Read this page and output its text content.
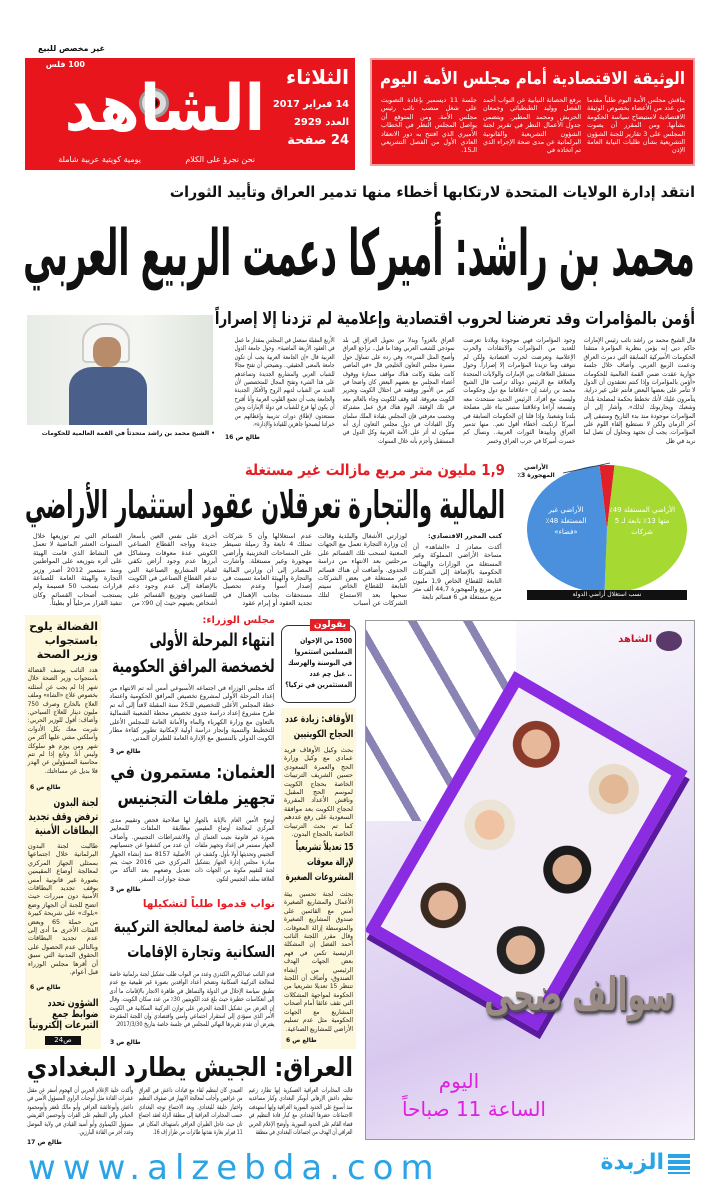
غير مخصص للبيع
100 فلس
الشاهد	الثلاثاء
14 فبراير 2017
العدد 2929
24 صفحة
يومية كويتية عربية شاملة	نحن نجرؤ على الكلام
الوثيقة الاقتصادية أمام مجلس الأمة اليوم
يناقش مجلس الأمة اليوم طلباً مقدما من عدد من الأعضاء بخصوص الوثيقة الاقتصادية لاستيضاح سياسة الحكومة بشأنها. ومن المقرر أن يصوت المجلس على 3 تقارير للجنة الشؤون التشريعية بشأن طلبات النيابة العامة الإذن
برفع الحصانة النيابية عن النواب أحمد الفضل ووليد الطبطبائي وجمعان الحربش ومحمد المطير. ويتضمن جدول الأعمال النظر في تقرير لجنة الشؤون التشريعية والقانونية البرلمانية عن مدى صحة الإجراء الذي تم اتخاذه في
جلسة 11 ديسمبر بإعادة التصويت على شغل منصب نائب رئيس مجلس الأمة. ومن المتوقع أن يواصل المجلس النظر في الخطاب الأميري الذي افتتح به دور الانعقاد العادي الأول من الفصل التشريعي الـ15.
انتقد إدارة الولايات المتحدة لارتكابها أخطاء منها تدمير العراق وتأييد الثورات
محمد بن راشد: أميركا دعمت الربيع العربي
أؤمن بالمؤامرات وقد تعرضنا لحروب اقتصادية وإعلامية لم تزدنا إلا إصراراً
• الشيخ محمد بن راشد متحدثاً في القمة العالمية للحكومات
قال الشيخ محمد بن راشد نائب رئيس الإمارات حاكم دبي إنه يؤمن بنظرية المؤامرة منتقدا الحكومات الأميركية السابقة التي دمرت العراق ودعمت الربيع العربي. وأضاف خلال جلسة حوارية عقدت ضمن القمة العالمية للحكومات «أؤمن بالمؤامرات وإذا كنتم تعتقدون أن الدول لا تتآمر على بعضها البعض فأنتم على غير دراية. يتآمرون عليك لأنك تخطط بحكمة لمصلحة بلدك وشعبك ويحاربونك لذلك». وأشار إلى أن المؤامرات موجودة منذ بدء التاريخ وستبقى إلى آخر الزمان ولكن لا نستطيع إلقاء اللوم على المؤامرات. يجب أن نجتهد ونحاول أن نصل لما نريد في ظل
وجود المؤامرات فهي موجودة وبلادنا تعرضت للعديد من المؤامرات والانتقادات والحرب الإعلامية وتعرضت لحرب اقتصادية ولكن لم نتوقف وما تزيدنا المؤامرات إلا إصراراً. وحول مستقبل العلاقات بين الإمارات والولايات المتحدة والعلاقة مع الرئيس دونالد ترامب قال الشيخ محمد بن راشد إن «علاقاتنا مع دول وحكومات وليست مع أفراد. الرئيس الجديد سنتحدث معه ونسمعه آراءنا وعلاقتنا ستبنى بناء على مصلحة بلدنا وشعبنا. وإذا قلنا إن الحكومات السابقة في أميركا ارتكبت أخطاء أقول نعم.. منها تدمير العراق وتأييدها الثورات العربية.. ونسأل كم خسرت أميركا في حرب العراق وخسر
العراق بالغزو؟ وبدلا من تحويل العراق إلى بلد نموذجي للشعب العربي وهذا ما قيل.. تراجع العراق وأصبح المثل السيء». وفي رده على تساؤل حول مسيرة مجلس التعاون الخليجي قال «في الماضي كانت بطيئة وكانت هناك مواقف ممتازة ووقوف أعضاء المجلس مع بعضهم البعض كان واضحا في كثير من الأمور ووقفته في احتلال الكويت وتحرير الكويت معروفة. لقد وقف للكويت وجاء بالعالم معه في تلك الوقفة. اليوم هناك فرق عمل مشتركة وبحسب معرفتي فإن المجلس بقيادة الملك سلمان وكل القيادات في دول مجلس التعاون أرى أنه سيكون له أثر على الأمة العربية وكل الدول في المستقبل وأجزم بأنه خلال السنوات
الأربع المقبلة سنعمل في المجلس بمقدار ما عمل في العقود الأربعة الماضية». وحول جامعة الدول العربية قال «إن الجامعة العربية يجب أن تكون جامعة بالمعنى الحقيقي.. ونصيحتي أن تفتح مجالا للشباب العربي والمشاريع الجديدة وتساعدهم على هذا الشيء وتفتح المجال للمتخصصين لأن العديد من الشباب لديهم الروح والأفكار الجديدة والجامعة يجب أن تجمع القلوب العربية وأنا أقترح أن يكون لها فرع للشباب في دولة الإمارات ونحن مستعدون لإطلاق دورات تدريبية وإعطائهم من خبراتنا ليصبحوا جاهزين للقيادة والإدارة».
طالع ص 16
1,9 مليون متر مربع مازالت غير مستغلة
المالية والتجارة تعرقلان عقود استثمار الأراضي
كتب المحرر الاقتصادي:
أكدت مصادر لـ «الشاهد» أن مساحة الأراضي المملوكة وغير المستغلة من الوزارات والهيئات الحكومية بالإضافة إلى الشركات التابعة للقطاع الخاص 1,9 مليون متر مربع والمهجورة 44,7 ألف متر مربع مستغلة في 6 قسائم تابعة
لوزارتي الأشغال والبلدية وقالت إن وزارة التجارة تعمل مع الجهات المعنية لسحب تلك القسائم على مرحلتين بعد الانتهاء من دراسة الجدوى. وأضافت أن هناك قسائم غير مستغلة في بعض الشركات التابعة للقطاع الخاص سيتم سحبها بعد الاستماع لتلك الشركات عن أسباب
عدم استغلالها وأن 5 شركات تمتلك 4 تابعة و3 زميلة تسيطر على المساحات التخزينية وأراضي مهجورة وغير مستغلة. وأشارت المصادر إلى أن وزارتي المالية والتجارة والهيئة العامة تسببت في إصدار أسوأ وعدم تحصيل مستحقات بجانب الإهمال في تجديد العقود أو إبرام عقود
أخرى على نفس العين بأسعار جديدة وواجه القطاع الصناعي الكويتي عدة معوقات ومشاكل أبرزها عدم وجود أراض تكفي لقيام المشاريع الصناعية التي تدعم القطاع الصناعي في الكويت بالإضافة إلى عدم وجود دعم للصناعيين وتوزيع القسائم على أشخاص بعينهم حيث إن 90٪ من
القسائم التي تم توزيعها خلال السنوات العشر الماضية لا تعمل في النشاط الذي قامت الهيئة على أثره بتوزيعه على المواطنين ومنذ سبتمبر 2012 أصدر وزير التجارة والهيئة العامة للصناعة قرارات بسحب 50 قسيمة ولم يستجب أصحاب القسائم وكان تنفيذ القرار مرحلياً أو بطيئاً.
نسب استغلال أراضي الدولة
الأراضي المستغلة 49٪ منها 13٪ تابعة لـ 5 شركات
الأراضي غير المستغلة 48٪ «فضاء»
الأراضي المهجورة 3٪
الفضالة يلوح باستجواب وزير الصحة
هدد النائب يوسف الفضالة باستجواب وزير الصحة خلال شهر إذا لم يجب عن أسئلته بخصوص علاج «الشاء» وملف العلاج بالخارج وصرف 750 مليون دينار للعلاج السياحي. وأضاف: أقول للوزير الحربي: شربت معك بكل الأدوات وأسلكني مشي عليها أكثر من شهر ومن يوزم هو سلوكك وليس أنا. وتابع إذا لم تتم محاسبة المسؤولين عن الهدر فلا بديل عن مساءلتك.
طالع ص 6
لجنة البدون ترفض وقف تجديد البطاقات الأمنية
طالبت لجنة البدون البرلمانية خلال اجتماعها بممثلي الجهاز المركزي لمعالجة أوضاع المقيمين بصورة غير قانونية أمس بوقف تجديد البطاقات الأمنية دون مبررات حيث اتضح للجنة أن الجهاز وضع «بلوك» على شريحة كبيرة من حملة 65 وبعض الفئات الأخرى ما أدى إلى عدم تجديد البطاقات وبالتالي عدم الحصول على الحقوق المدنية التي سبق أن أقرها مجلس الوزراء قبل أعوام.
طالع ص 6
الشؤون تحدد ضوابط جمع التبرعات إلكترونياً
ص24
مجلس الوزراء:
انتهاء المرحلة الأولى لخصخصة المرافق الحكومية
أكد مجلس الوزراء في اجتماعه الأسبوعي أمس أنه تم الانتهاء من إعداد المرحلة الأولى لمشروع تخصيص المرافق الحكومية واعتماد خطة المجلس الأعلى للتخصيص للـ25 سنة المقبلة لافتاً إلى أنه تم طرح مشروع إعداد دراسة جدوى تخصيص محطة الشعيبة الشمالية بالتعاون مع وزارة الكهرباء والماء والأمانة العامة للمجلس الأعلى للتخطيط والتنمية وإنجاز دراسة أولية لإمكانية تطوير كفاءة مطار الكويت الدولي بالتنسيق مع الإدارة العامة للطيران المدني.
طالع ص 3
العثمان: مستمرون في تجهيز ملفات التجنيس
أوضح الأمين العام بالإنابة بالجهاز المركزي لمعالجة أوضاع المقيمين بصورة غير قانونية نجيب العثمان أن الجهاز مستمر في إعداد وتجهيز ملفات التجنيس وتحديثها أولا بأول. وكشف عن مبادرة مجلس إدارة الجهاز بتشكيل لجنة للتقييم مكونة من الجهات ذات العلاقة بملف التجنيس لتكون
لها صلاحية فحص وتقييم مدى مطابقة الملفات للمعايير والاشتراطات التجنيس. وأضاف أن عدد من كشفوا عن جنسياتهم الأصلية 8157 منذ إنشاء الجهاز المركزي حتى 2016 حيث يتم تعديل وضعهم بعد التأكد من صحة جوازات السفر.
طالع ص 3
نواب قدموا طلباً لتشكيلها
لجنة خاصة لمعالجة التركيبة السكانية وتجارة الإقامات
قدم النائب عبدالكريم الكندري وعدد من النواب طلب تشكيل لجنة برلمانية خاصة لمعالجة التركيبة السكانية وتضخم أعداد الوافدين بصورة غير طبيعية مع عدم تطبيق سياسة الإحلال في الدولة والتساهل في ظاهرة الاتجار بالإقامات ما أدى إلى انعكاسات خطيرة حيث بلغ عدد الكويتيين 30٪ من عدد سكان الكويت. وقال إن الغرض من تشكيل اللجنة الحرص على توازن التركيبة السكانية في الكويت الأمر الذي سيؤدي إلى استقرار اجتماعي وأمني واقتصادي وإن اللجنة المقترحة يفترض أن تقدم تقريرها النهائي للمجلس في جلسة خاصة بتاريخ 2017/3/30.
طالع ص 3
يقولون
1500 من الإخوان المسلمين استثمروا في البوسنة والهرسك .. عيل چم عدد المستثمرين في تركيا؟
الأوقاف: زيادة عدد الحجاج الكويتيين
بحث وكيل الأوقاف فريد عمادي مع وكيل وزارة الحج والعمرة السعودي حسين الشريف الترتيبات الخاصة بحجاج الكويت لموسم الحج المقبل. وناقش الأعداد المقررة لحجاج الكويت بعد موافقة السعودية على رفع عددهم كما تم بحث الترتيبات الخاصة بالحجاج البدون.
15 تعديلاً تشريعياً لإزالة معوقات المشروعات الصغيرة
بحثت لجنة تحسين بيئة الأعمال والمشاريع الصغيرة أمس مع القائمين على صندوق المشاريع الصغيرة والمتوسطة إزالة المعوقات. وقال مقرر اللجنة النائب أحمد الفضل إن المشكلة الرئيسية تكمن في فهم بعض الجهات الهدف الرئيسي من إنشاء الصندوق، وأضاف أن اللجنة تنتظر 15 تعديلا تشريعيا من الحكومة لمواجهة المشكلات التي تقف عائقا أمام أصحاب المشاريع مع الجهات الحكومية مثل عدم تسليم الأراضي للمشاريع الصناعية.
طالع ص 6
الشاهد
سوالف ضحى
اليوم
الساعة 11 صباحاً
العراق: الجيش يطارد البغدادي
قالت المخابرات العراقية العسكرية إنها تطارد زعيم تنظيم داعش الإرهابي أبوبكر البغدادي وكبار مساعديه منذ أسبوع على الحدود السورية العراقية وإنها استهدفت الاجتماعات حضرها البغدادي مع كبار قادة التنظيم في قضاء القائم على الحدود السورية. وأوضح الإعلام الحربي العراقي أن الهدف من اجتماعات البغدادي في منطقة
العبيدي كان لتنظيم لقاء مع قيادات داعش في العراق من عراقيين وأجانب لمعالجة الانهيار في صفوف التنظيم واختيار خليفة للبغدادي. وبعد الاجتماع توجه البغدادي حسب المخابرات العراقية إلى منطقة الزلة لعقد اجتماع ثان حيث عاجل الطيران العراقي باستهداف المكان في 11 فبراير بغارة نفذتها طائرات من طراز إف 16.
وأكدت خلية الإعلام الحربي أن الهجوم أسفر عن مقتل عشرات القادة مثل أبوجنات الراوي المسؤول الأمني في داعش وأبوعائشة العراقي وأبو مالك تلعفر وأبومحمود الحياني والي التنظيم على الفرات وأبوحسين القريشي مسؤول الكيمياوي وأبو أسيد القيادي في ولاية الموصل وعدد آخر من القادة البارزين.
طالع ص 17
www.alzebda.com	الزبدة
